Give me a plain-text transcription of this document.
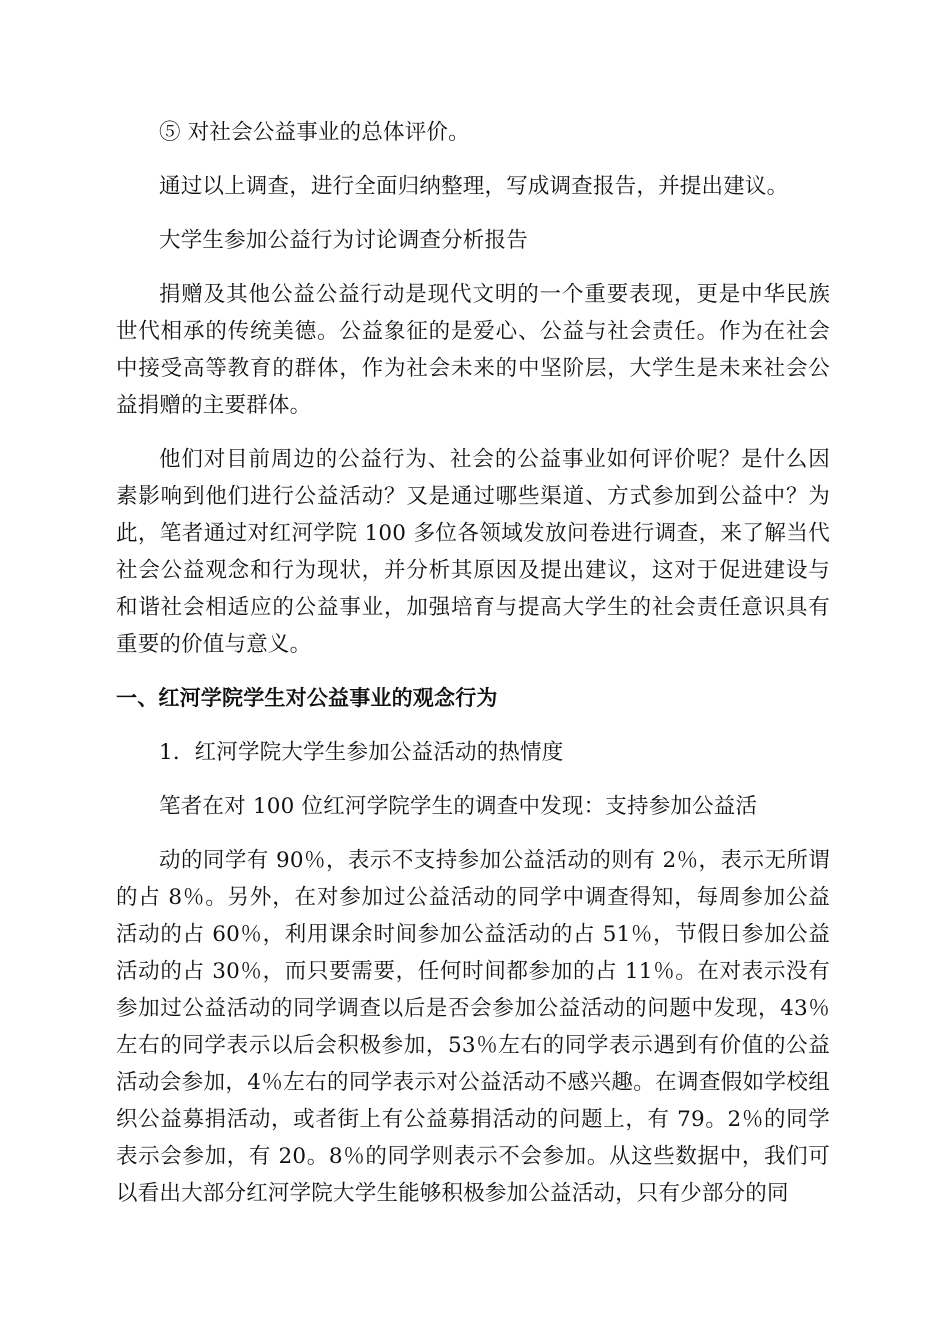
⑤ 对社会公益事业的总体评价。

通过以上调查，进行全面归纳整理，写成调查报告，并提出建议。

大学生参加公益行为讨论调查分析报告

捐赠及其他公益公益行动是现代文明的一个重要表现，更是中华民族世代相承的传统美德。公益象征的是爱心、公益与社会责任。作为在社会中接受高等教育的群体，作为社会未来的中坚阶层，大学生是未来社会公益捐赠的主要群体。

他们对目前周边的公益行为、社会的公益事业如何评价呢？是什么因素影响到他们进行公益活动？又是通过哪些渠道、方式参加到公益中？为此，笔者通过对红河学院 100 多位各领域发放问卷进行调查，来了解当代社会公益观念和行为现状，并分析其原因及提出建议，这对于促进建设与和谐社会相适应的公益事业，加强培育与提高大学生的社会责任意识具有重要的价值与意义。

一、红河学院学生对公益事业的观念行为

1．红河学院大学生参加公益活动的热情度

笔者在对 100 位红河学院学生的调查中发现：支持参加公益活

动的同学有 90％，表示不支持参加公益活动的则有 2％，表示无所谓的占 8％。另外，在对参加过公益活动的同学中调查得知，每周参加公益活动的占 60％，利用课余时间参加公益活动的占 51％，节假日参加公益活动的占 30％，而只要需要，任何时间都参加的占 11％。在对表示没有参加过公益活动的同学调查以后是否会参加公益活动的问题中发现，43％左右的同学表示以后会积极参加，53％左右的同学表示遇到有价值的公益活动会参加，4％左右的同学表示对公益活动不感兴趣。在调查假如学校组织公益募捐活动，或者街上有公益募捐活动的问题上，有 79。2％的同学表示会参加，有 20。8％的同学则表示不会参加。从这些数据中，我们可以看出大部分红河学院大学生能够积极参加公益活动，只有少部分的同
